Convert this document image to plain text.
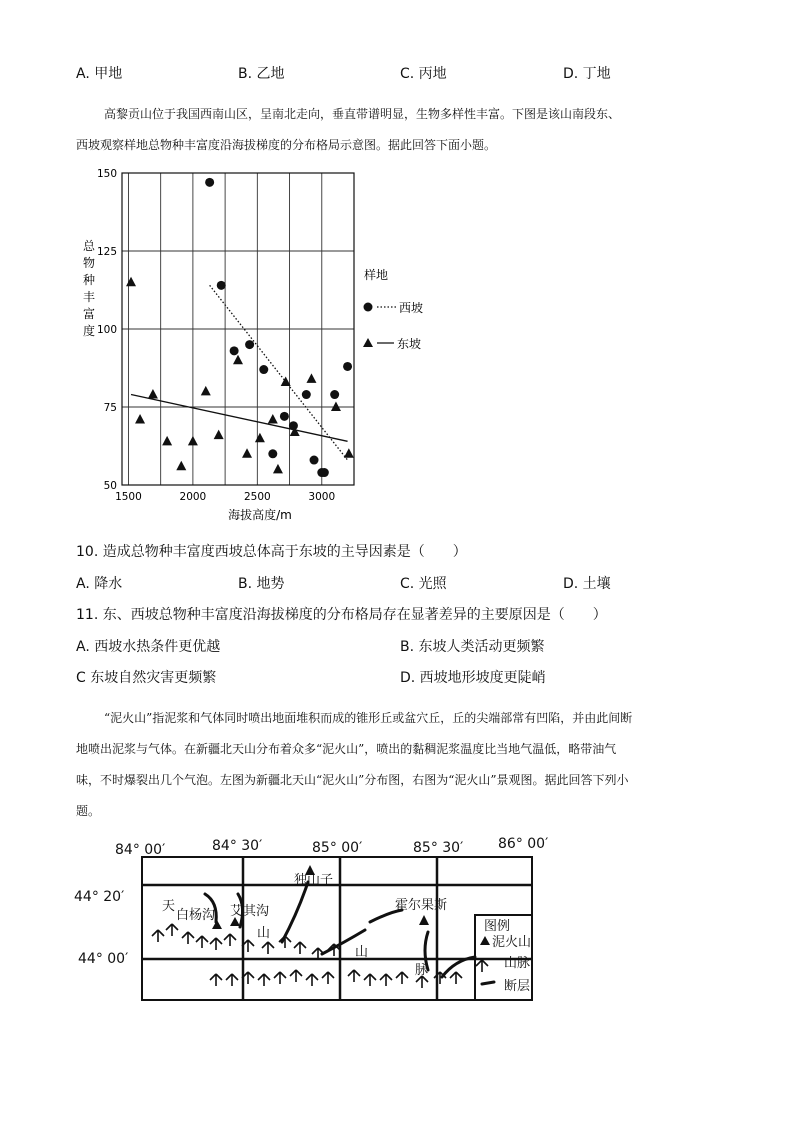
A. 甲地	B. 乙地	C. 丙地	D. 丁地
高黎贡山位于我国西南山区，呈南北走向，垂直带谱明显，生物多样性丰富。下图是该山南段东、
西坡观察样地总物种丰富度沿海拔梯度的分布格局示意图。据此回答下面小题。
1500	2000	2500	3000
50
75
100
125
150
总
物
种
丰
富
度
海拔高度/m
样地
西坡
东坡
10. 造成总物种丰富度西坡总体高于东坡的主导因素是（　　）
A. 降水	B. 地势	C. 光照	D. 土壤
11. 东、西坡总物种丰富度沿海拔梯度的分布格局存在显著差异的主要原因是（　　）
A. 西坡水热条件更优越	B. 东坡人类活动更频繁
C 东坡自然灾害更频繁	D. 西坡地形坡度更陡峭
“泥火山”指泥浆和气体同时喷出地面堆积而成的锥形丘或盆穴丘，丘的尖端部常有凹陷，并由此间断
地喷出泥浆与气体。在新疆北天山分布着众多“泥火山”，喷出的黏稠泥浆温度比当地气温低，略带油气
味，不时爆裂出几个气泡。左图为新疆北天山“泥火山”分布图，右图为“泥火山”景观图。据此回答下列小
题。
84° 00′	84° 30′	85° 00′	85° 30′ 86° 00′
44° 20′
44° 00′
天
白杨沟 艾其沟
山
独山子
山
霍尔果斯
脉
图例
泥火山
山脉
断层
